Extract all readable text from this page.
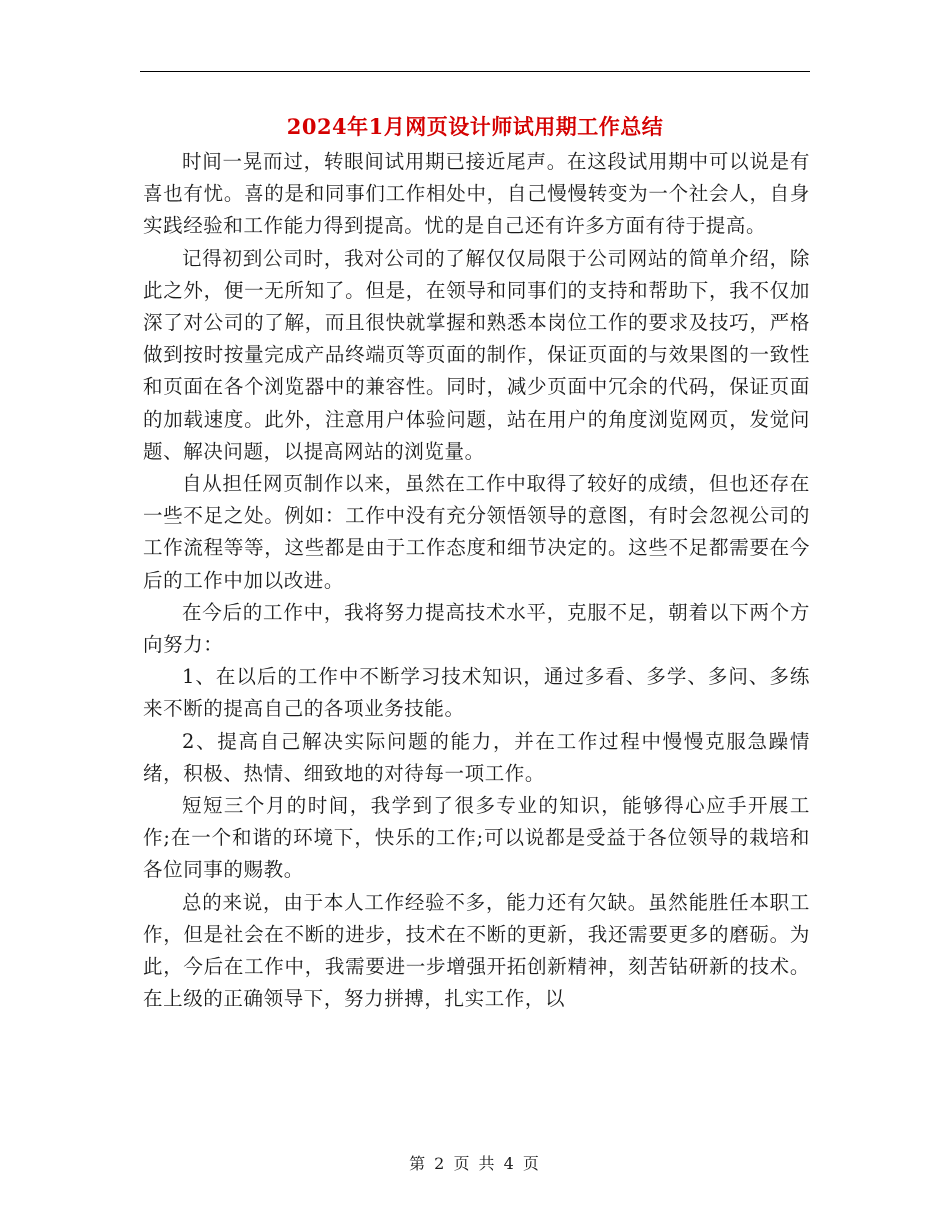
2024年1月网页设计师试用期工作总结

时间一晃而过，转眼间试用期已接近尾声。在这段试用期中可以说是有喜也有忧。喜的是和同事们工作相处中，自己慢慢转变为一个社会人，自身实践经验和工作能力得到提高。忧的是自己还有许多方面有待于提高。

记得初到公司时，我对公司的了解仅仅局限于公司网站的简单介绍，除此之外，便一无所知了。但是，在领导和同事们的支持和帮助下，我不仅加深了对公司的了解，而且很快就掌握和熟悉本岗位工作的要求及技巧，严格做到按时按量完成产品终端页等页面的制作，保证页面的与效果图的一致性和页面在各个浏览器中的兼容性。同时，减少页面中冗余的代码，保证页面的加载速度。此外，注意用户体验问题，站在用户的角度浏览网页，发觉问题、解决问题，以提高网站的浏览量。

自从担任网页制作以来，虽然在工作中取得了较好的成绩，但也还存在一些不足之处。例如：工作中没有充分领悟领导的意图，有时会忽视公司的工作流程等等，这些都是由于工作态度和细节决定的。这些不足都需要在今后的工作中加以改进。

在今后的工作中，我将努力提高技术水平，克服不足，朝着以下两个方向努力：

1、在以后的工作中不断学习技术知识，通过多看、多学、多问、多练来不断的提高自己的各项业务技能。

2、提高自己解决实际问题的能力，并在工作过程中慢慢克服急躁情绪，积极、热情、细致地的对待每一项工作。

短短三个月的时间，我学到了很多专业的知识，能够得心应手开展工作;在一个和谐的环境下，快乐的工作;可以说都是受益于各位领导的栽培和各位同事的赐教。

总的来说，由于本人工作经验不多，能力还有欠缺。虽然能胜任本职工作，但是社会在不断的进步，技术在不断的更新，我还需要更多的磨砺。为此，今后在工作中，我需要进一步增强开拓创新精神，刻苦钻研新的技术。在上级的正确领导下，努力拼搏，扎实工作，以

第 2 页 共 4 页
